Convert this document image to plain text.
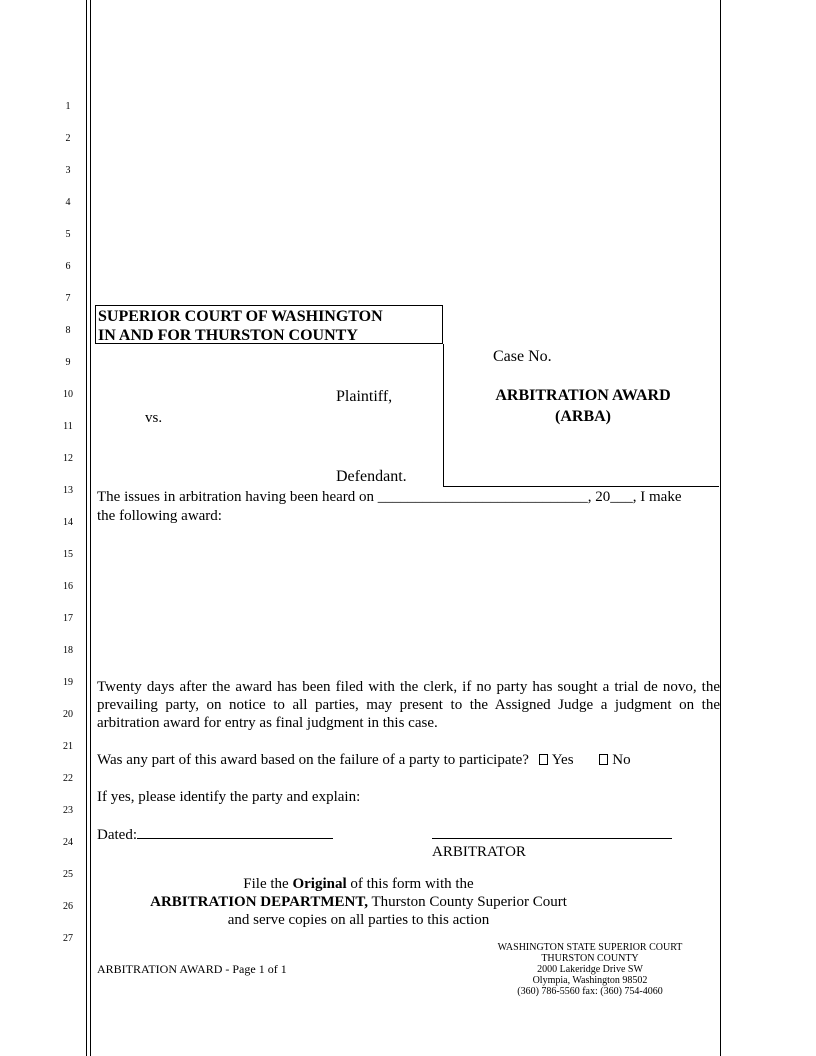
1
2
3
4
5
6
7
8
9
10
11
12
13
14
15
16
17
18
19
20
21
22
23
24
25
26
27
SUPERIOR COURT OF WASHINGTON
IN AND FOR THURSTON COUNTY
Case No.
Plaintiff,
vs.
Defendant.
ARBITRATION AWARD
(ARBA)
The issues in arbitration having been heard on ____________________________, 20___, I make
the following award:
Twenty days after the award has been filed with the clerk, if no party has sought a trial de novo, the prevailing party, on notice to all parties, may present to the Assigned Judge a judgment on the arbitration award for entry as final judgment in this case.
Was any part of this award based on the failure of a party to participate? Yes	No
If yes, please identify the party and explain:
Dated:
ARBITRATOR
File the Original of this form with the
ARBITRATION DEPARTMENT, Thurston County Superior Court
and serve copies on all parties to this action
ARBITRATION AWARD - Page 1 of 1
WASHINGTON STATE SUPERIOR COURT
THURSTON COUNTY
2000 Lakeridge Drive SW
Olympia, Washington 98502
(360) 786-5560 fax: (360) 754-4060
